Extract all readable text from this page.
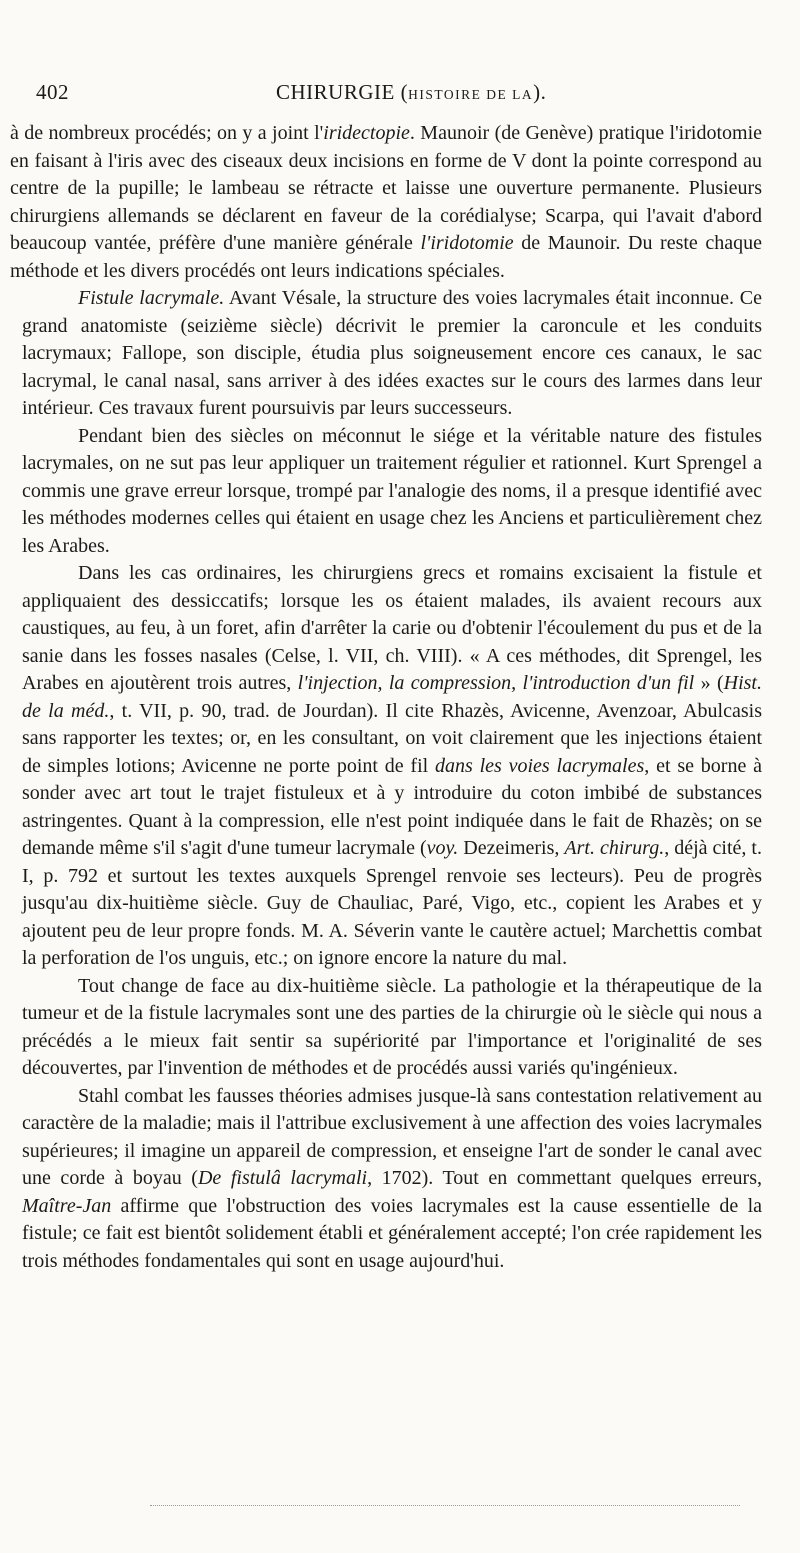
402	CHIRURGIE (HISTOIRE DE LA).

à de nombreux procédés; on y a joint l'iridectopie. Maunoir (de Genève) pratique l'iridotomie en faisant à l'iris avec des ciseaux deux incisions en forme de V dont la pointe correspond au centre de la pupille; le lambeau se rétracte et laisse une ouverture permanente. Plusieurs chirurgiens allemands se déclarent en faveur de la corédialyse; Scarpa, qui l'avait d'abord beaucoup vantée, préfère d'une manière générale l'iridotomie de Maunoir. Du reste chaque méthode et les divers procédés ont leurs indications spéciales.

Fistule lacrymale. Avant Vésale, la structure des voies lacrymales était inconnue. Ce grand anatomiste (seizième siècle) décrivit le premier la caroncule et les conduits lacrymaux; Fallope, son disciple, étudia plus soigneusement encore ces canaux, le sac lacrymal, le canal nasal, sans arriver à des idées exactes sur le cours des larmes dans leur intérieur. Ces travaux furent poursuivis par leurs successeurs.

Pendant bien des siècles on méconnut le siége et la véritable nature des fistules lacrymales, on ne sut pas leur appliquer un traitement régulier et rationnel. Kurt Sprengel a commis une grave erreur lorsque, trompé par l'analogie des noms, il a presque identifié avec les méthodes modernes celles qui étaient en usage chez les Anciens et particulièrement chez les Arabes.

Dans les cas ordinaires, les chirurgiens grecs et romains excisaient la fistule et appliquaient des dessiccatifs; lorsque les os étaient malades, ils avaient recours aux caustiques, au feu, à un foret, afin d'arrêter la carie ou d'obtenir l'écoulement du pus et de la sanie dans les fosses nasales (Celse, l. VII, ch. VIII). « A ces méthodes, dit Sprengel, les Arabes en ajoutèrent trois autres, l'injection, la compression, l'introduction d'un fil » (Hist. de la méd., t. VII, p. 90, trad. de Jourdan). Il cite Rhazès, Avicenne, Avenzoar, Abulcasis sans rapporter les textes; or, en les consultant, on voit clairement que les injections étaient de simples lotions; Avicenne ne porte point de fil dans les voies lacrymales, et se borne à sonder avec art tout le trajet fistuleux et à y introduire du coton imbibé de substances astringentes. Quant à la compression, elle n'est point indiquée dans le fait de Rhazès; on se demande même s'il s'agit d'une tumeur lacrymale (voy. Dezeimeris, Art. chirurg., déjà cité, t. I, p. 792 et surtout les textes auxquels Sprengel renvoie ses lecteurs). Peu de progrès jusqu'au dix-huitième siècle. Guy de Chauliac, Paré, Vigo, etc., copient les Arabes et y ajoutent peu de leur propre fonds. M. A. Séverin vante le cautère actuel; Marchettis combat la perforation de l'os unguis, etc.; on ignore encore la nature du mal.

Tout change de face au dix-huitième siècle. La pathologie et la thérapeutique de la tumeur et de la fistule lacrymales sont une des parties de la chirurgie où le siècle qui nous a précédés a le mieux fait sentir sa supériorité par l'importance et l'originalité de ses découvertes, par l'invention de méthodes et de procédés aussi variés qu'ingénieux.

Stahl combat les fausses théories admises jusque-là sans contestation relativement au caractère de la maladie; mais il l'attribue exclusivement à une affection des voies lacrymales supérieures; il imagine un appareil de compression, et enseigne l'art de sonder le canal avec une corde à boyau (De fistulâ lacrymali, 1702). Tout en commettant quelques erreurs, Maître-Jan affirme que l'obstruction des voies lacrymales est la cause essentielle de la fistule; ce fait est bientôt solidement établi et généralement accepté; l'on crée rapidement les trois méthodes fondamentales qui sont en usage aujourd'hui.
